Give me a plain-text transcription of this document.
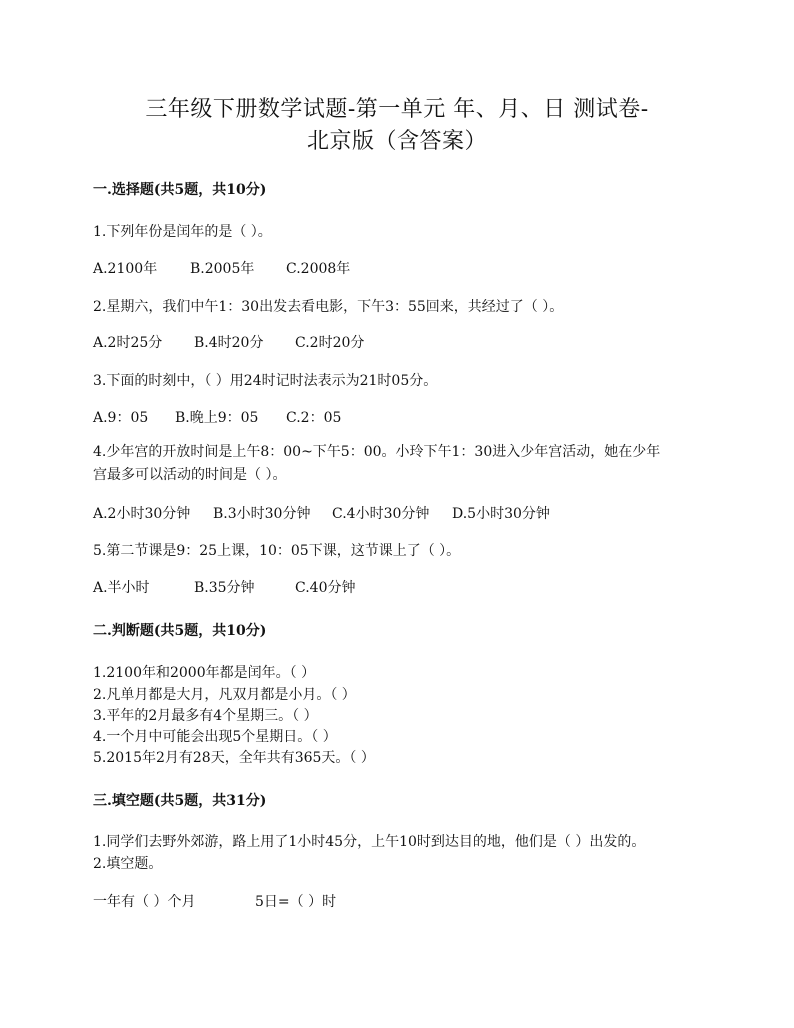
三年级下册数学试题-第一单元 年、月、日 测试卷-
北京版（含答案）
一.选择题(共5题，共10分)
1.下列年份是闰年的是（ ）。
A.2100年 B.2005年 C.2008年
2.星期六，我们中午1：30出发去看电影，下午3：55回来，共经过了（ ）。
A.2时25分 B.4时20分 C.2时20分
3.下面的时刻中，（ ）用24时记时法表示为21时05分。
A.9：05 B.晚上9：05 C.2：05
4.少年宫的开放时间是上午8：00~下午5：00。小玲下午1：30进入少年宫活动，她在少年
宫最多可以活动的时间是（ ）。
A.2小时30分钟 B.3小时30分钟 C.4小时30分钟 D.5小时30分钟
5.第二节课是9：25上课，10：05下课，这节课上了（ ）。
A.半小时	B.35分钟	C.40分钟
二.判断题(共5题，共10分)
1.2100年和2000年都是闰年。（ ）
2.凡单月都是大月，凡双月都是小月。（ ）
3.平年的2月最多有4个星期三。（ ）
4.一个月中可能会出现5个星期日。（ ）
5.2015年2月有28天，全年共有365天。（ ）
三.填空题(共5题，共31分)
1.同学们去野外郊游，路上用了1小时45分，上午10时到达目的地，他们是（ ）出发的。
2.填空题。
一年有（ ）个月	5日=（ ）时
